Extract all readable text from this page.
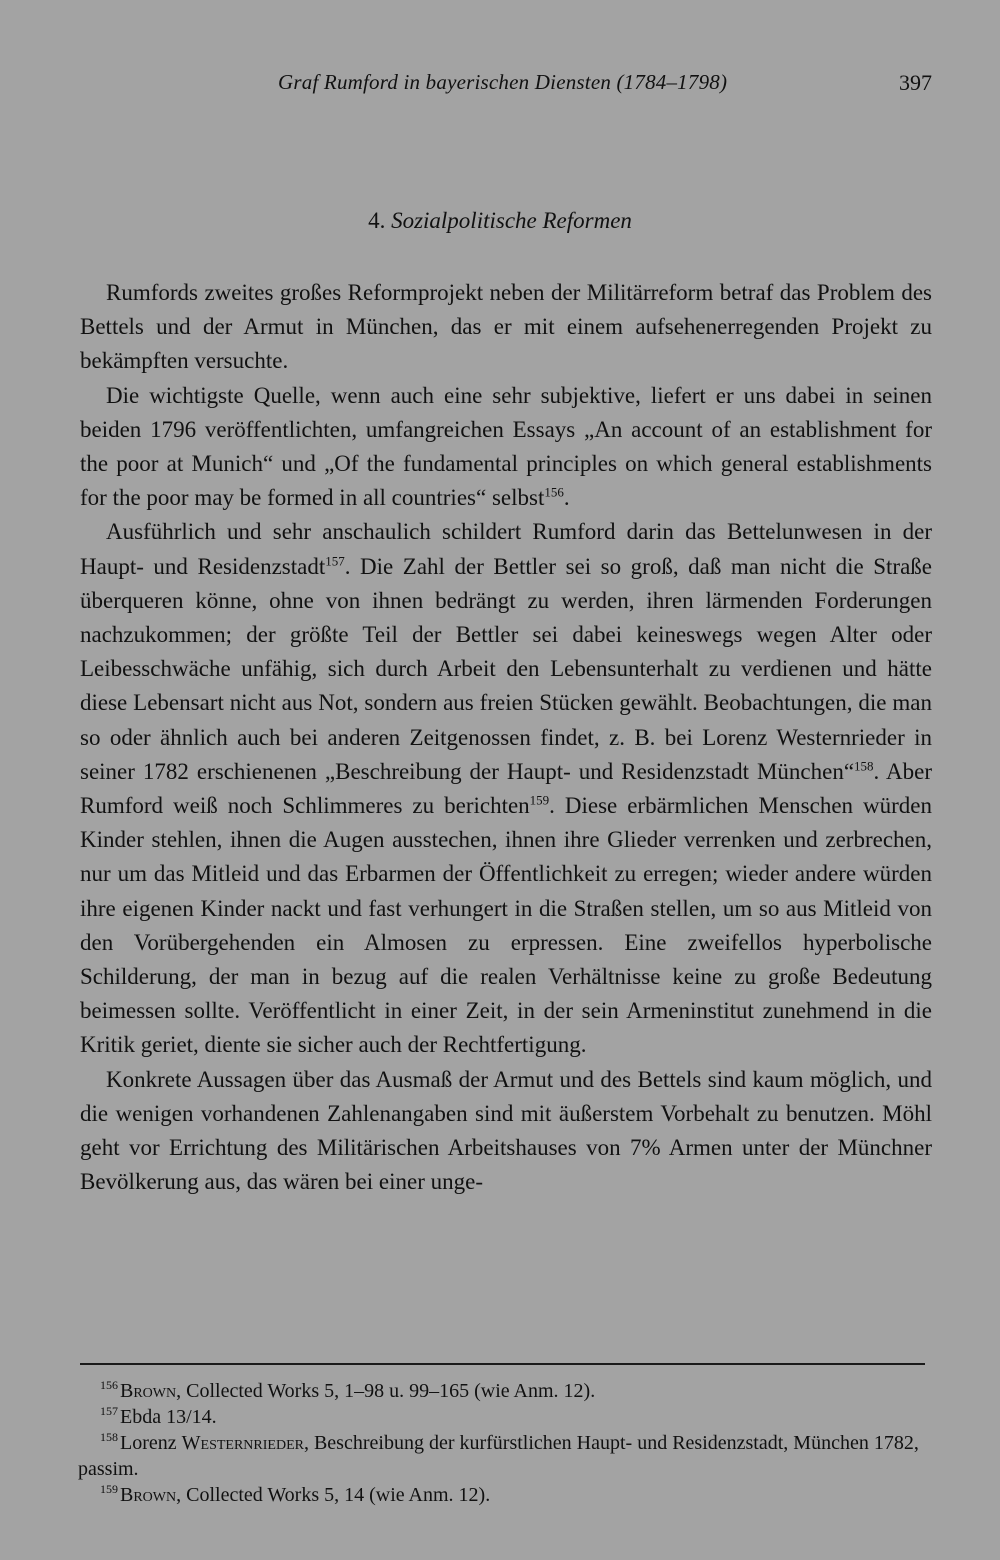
Graf Rumford in bayerischen Diensten (1784–1798)	397
4. Sozialpolitische Reformen

Rumfords zweites großes Reformprojekt neben der Militärreform betraf das Problem des Bettels und der Armut in München, das er mit einem aufsehenerregenden Projekt zu bekämpften versuchte.

Die wichtigste Quelle, wenn auch eine sehr subjektive, liefert er uns dabei in seinen beiden 1796 veröffentlichten, umfangreichen Essays „An account of an establishment for the poor at Munich“ und „Of the fundamental principles on which general establishments for the poor may be formed in all countries“ selbst$^{156}$.

Ausführlich und sehr anschaulich schildert Rumford darin das Bettelunwesen in der Haupt- und Residenzstadt$^{157}$. Die Zahl der Bettler sei so groß, daß man nicht die Straße überqueren könne, ohne von ihnen bedrängt zu werden, ihren lärmenden Forderungen nachzukommen; der größte Teil der Bettler sei dabei keineswegs wegen Alter oder Leibesschwäche unfähig, sich durch Arbeit den Lebensunterhalt zu verdienen und hätte diese Lebensart nicht aus Not, sondern aus freien Stücken gewählt. Beobachtungen, die man so oder ähnlich auch bei anderen Zeitgenossen findet, z. B. bei Lorenz Westernrieder in seiner 1782 erschienenen „Beschreibung der Haupt- und Residenzstadt München“$^{158}$. Aber Rumford weiß noch Schlimmeres zu berichten$^{159}$. Diese erbärmlichen Menschen würden Kinder stehlen, ihnen die Augen ausstechen, ihnen ihre Glieder verrenken und zerbrechen, nur um das Mitleid und das Erbarmen der Öffentlichkeit zu erregen; wieder andere würden ihre eigenen Kinder nackt und fast verhungert in die Straßen stellen, um so aus Mitleid von den Vorübergehenden ein Almosen zu erpressen. Eine zweifellos hyperbolische Schilderung, der man in bezug auf die realen Verhältnisse keine zu große Bedeutung beimessen sollte. Veröffentlicht in einer Zeit, in der sein Armeninstitut zunehmend in die Kritik geriet, diente sie sicher auch der Rechtfertigung.

Konkrete Aussagen über das Ausmaß der Armut und des Bettels sind kaum möglich, und die wenigen vorhandenen Zahlenangaben sind mit äußerstem Vorbehalt zu benutzen. Möhl geht vor Errichtung des Militärischen Arbeitshauses von 7% Armen unter der Münchner Bevölkerung aus, das wären bei einer unge-

156 Brown, Collected Works 5, 1–98 u. 99–165 (wie Anm. 12).

157 Ebda 13/14.

158 Lorenz Westernrieder, Beschreibung der kurfürstlichen Haupt- und Residenzstadt, München 1782, passim.

159 Brown, Collected Works 5, 14 (wie Anm. 12).
